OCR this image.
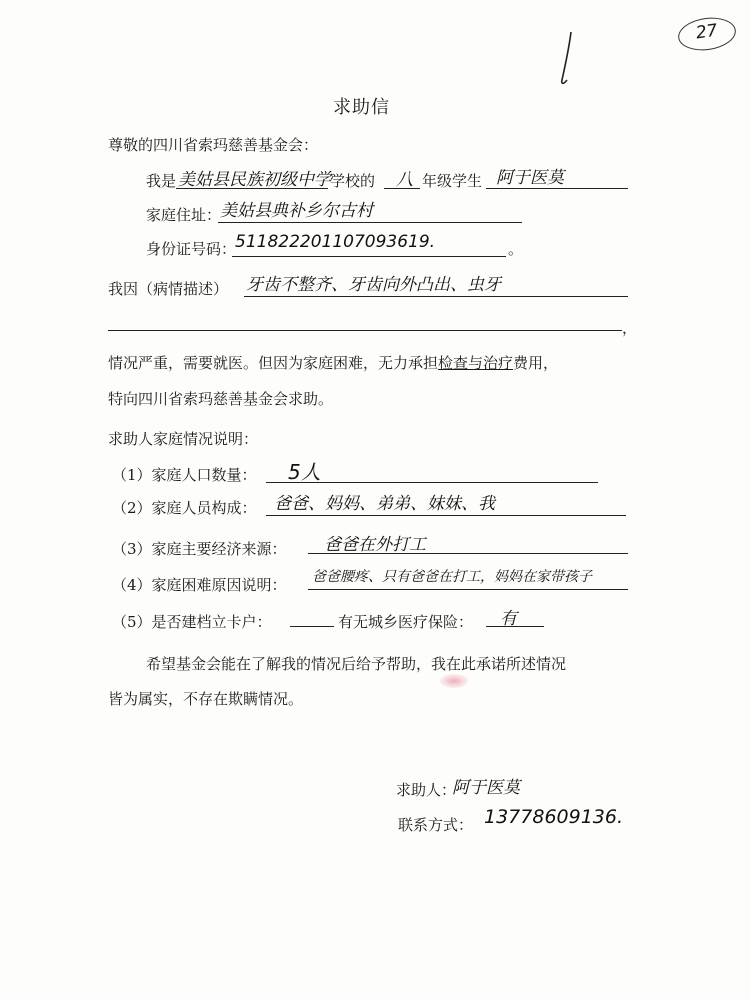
27
求助信
尊敬的四川省索玛慈善基金会：
我是 美姑县民族初级中学 学校的 八 年级学生 阿于医莫
家庭住址：
美姑县典补乡尔古村
身份证号码：
511822201107093619.	。
我因（病情描述） 牙齿不整齐、牙齿向外凸出、虫牙
，
情况严重，需要就医。但因为家庭困难，无力承担检查与治疗费用，
特向四川省索玛慈善基金会求助。
求助人家庭情况说明：
（1）家庭人口数量： 5人
（2）家庭人员构成： 爸爸、妈妈、弟弟、妹妹、我
（3）家庭主要经济来源： 爸爸在外打工
（4）家庭困难原因说明： 爸爸腰疼、只有爸爸在打工，妈妈在家带孩子
（5）是否建档立卡户：	有无城乡医疗保险： 有
希望基金会能在了解我的情况后给予帮助，我在此承诺所述情况
皆为属实，不存在欺瞒情况。
求助人：
阿于医莫
联系方式： 13778609136.
